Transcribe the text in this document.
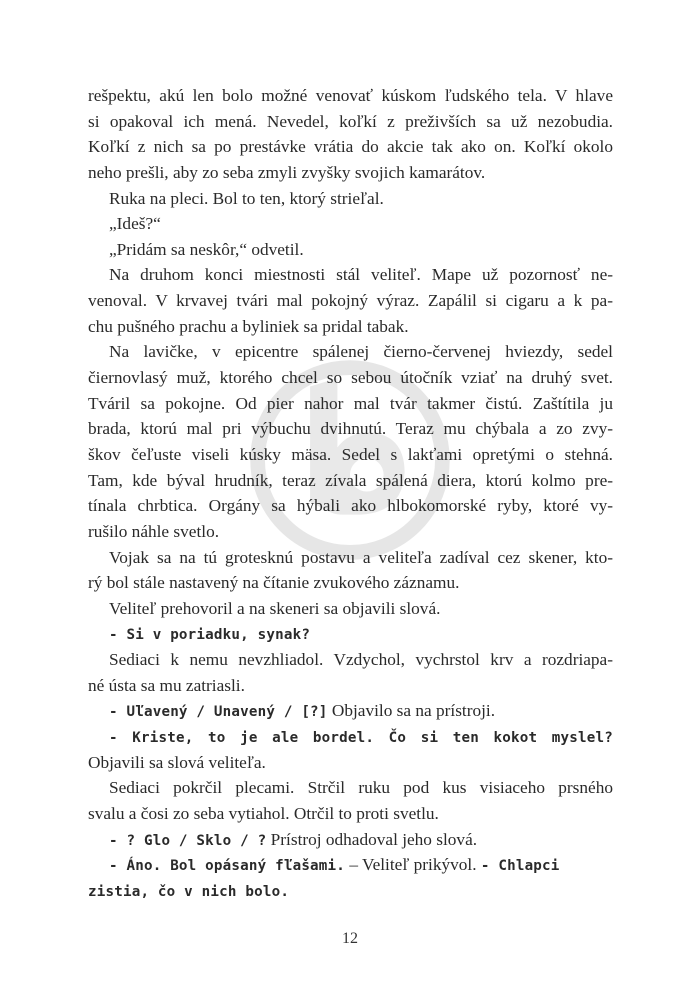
rešpektu, akú len bolo možné venovať kúskom ľudského tela. V hlave
si opakoval ich mená. Nevedel, koľkí z preživších sa už nezobudia.
Koľkí z nich sa po prestávke vrátia do akcie tak ako on. Koľkí okolo
neho prešli, aby zo seba zmyli zvyšky svojich kamarátov.
Ruka na pleci. Bol to ten, ktorý strieľal.
„Ideš?“
„Pridám sa neskôr,“ odvetil.
Na druhom konci miestnosti stál veliteľ. Mape už pozornosť ne-
venoval. V krvavej tvári mal pokojný výraz. Zapálil si cigaru a k pa-
chu pušného prachu a byliniek sa pridal tabak.
Na lavičke, v epicentre spálenej čierno-červenej hviezdy, sedel
čiernovlasý muž, ktorého chcel so sebou útočník vziať na druhý svet.
Tváril sa pokojne. Od pier nahor mal tvár takmer čistú. Zaštítila ju
brada, ktorú mal pri výbuchu dvihnutú. Teraz mu chýbala a zo zvy-
škov čeľuste viseli kúsky mäsa. Sedel s lakťami opretými o stehná.
Tam, kde býval hrudník, teraz zívala spálená diera, ktorú kolmo pre-
tínala chrbtica. Orgány sa hýbali ako hlbokomorské ryby, ktoré vy-
rušilo náhle svetlo.
Vojak sa na tú grotesknú postavu a veliteľa zadíval cez skener, kto-
rý bol stále nastavený na čítanie zvukového záznamu.
Veliteľ prehovoril a na skeneri sa objavili slová.
- Si v poriadku, synak?
Sediaci k nemu nevzhliadol. Vzdychol, vychrstol krv a rozdriapa-
né ústa sa mu zatriasli.
- Uľavený / Unavený / [?] Objavilo sa na prístroji.
- Kriste, to je ale bordel. Čo si ten kokot myslel?
Objavili sa slová veliteľa.
Sediaci pokrčil plecami. Strčil ruku pod kus visiaceho prsného
svalu a čosi zo seba vytiahol. Otrčil to proti svetlu.
- ? Glo / Sklo / ? Prístroj odhadoval jeho slová.
- Áno. Bol opásaný fľašami. – Veliteľ prikývol. - Chlapci
zistia, čo v nich bolo.
12
